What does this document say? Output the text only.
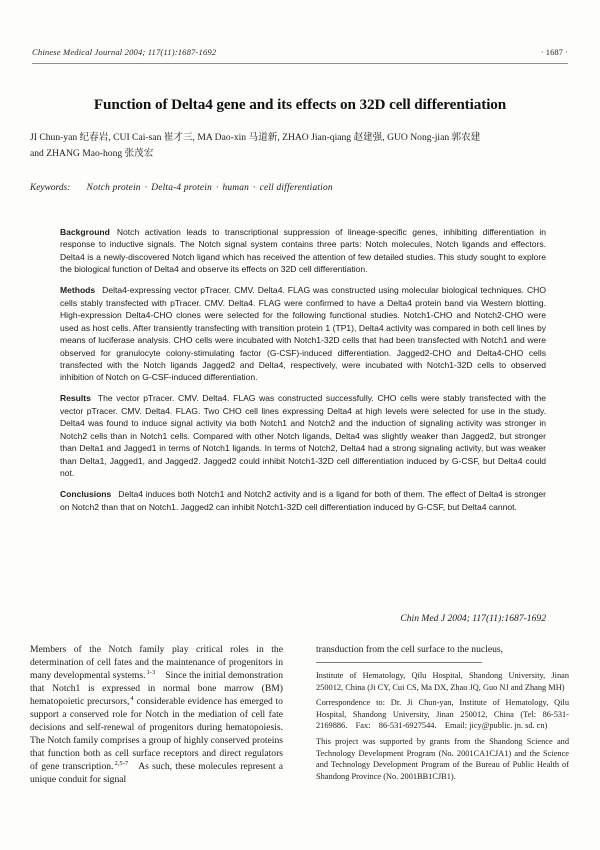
Chinese Medical Journal 2004; 117(11):1687-1692	· 1687 ·
Function of Delta4 gene and its effects on 32D cell differentiation
JI Chun-yan 纪春岩, CUI Cai-san 崔才三, MA Dao-xin 马道新, ZHAO Jian-qiang 赵建强, GUO Nong-jian 郭农建
and ZHANG Mao-hong 张茂宏
Keywords: Notch protein · Delta-4 protein · human · cell differentiation
Background Notch activation leads to transcriptional suppression of lineage-specific genes, inhibiting differentiation in response to inductive signals. The Notch signal system contains three parts: Notch molecules, Notch ligands and effectors. Delta4 is a newly-discovered Notch ligand which has received the attention of few detailed studies. This study sought to explore the biological function of Delta4 and observe its effects on 32D cell differentiation.
Methods Delta4-expressing vector pTracer. CMV. Delta4. FLAG was constructed using molecular biological techniques. CHO cells stably transfected with pTracer. CMV. Delta4. FLAG were confirmed to have a Delta4 protein band via Western blotting. High-expression Delta4-CHO clones were selected for the following functional studies. Notch1-CHO and Notch2-CHO were used as host cells. After transiently transfecting with transition protein 1 (TP1), Delta4 activity was compared in both cell lines by means of luciferase analysis. CHO cells were incubated with Notch1-32D cells that had been transfected with Notch1 and were observed for granulocyte colony-stimulating factor (G-CSF)-induced differentiation. Jagged2-CHO and Delta4-CHO cells transfected with the Notch ligands Jagged2 and Delta4, respectively, were incubated with Notch1-32D cells to observed inhibition of Notch on G-CSF-induced differentiation.
Results The vector pTracer. CMV. Delta4. FLAG was constructed successfully. CHO cells were stably transfected with the vector pTracer. CMV. Delta4. FLAG. Two CHO cell lines expressing Delta4 at high levels were selected for use in the study. Delta4 was found to induce signal activity via both Notch1 and Notch2 and the induction of signaling activity was stronger in Notch2 cells than in Notch1 cells. Compared with other Notch ligands, Delta4 was slightly weaker than Jagged2, but stronger than Delta1 and Jagged1 in terms of Notch1 ligands. In terms of Notch2, Delta4 had a strong signaling activity, but was weaker than Delta1, Jagged1, and Jagged2. Jagged2 could inhibit Notch1-32D cell differentiation induced by G-CSF, but Delta4 could not.
Conclusions Delta4 induces both Notch1 and Notch2 activity and is a ligand for both of them. The effect of Delta4 is stronger on Notch2 than that on Notch1. Jagged2 can inhibit Notch1-32D cell differentiation induced by G-CSF, but Delta4 cannot.
Chin Med J 2004; 117(11):1687-1692
Members of the Notch family play critical roles in the determination of cell fates and the maintenance of progenitors in many developmental systems.$^{1-3}$ Since the initial demonstration that Notch1 is expressed in normal bone marrow (BM) hematopoietic precursors,$^4$ considerable evidence has emerged to support a conserved role for Notch in the mediation of cell fate decisions and self-renewal of progenitors during hematopoiesis. The Notch family comprises a group of highly conserved proteins that function both as cell surface receptors and direct regulators of gene transcription.$^{2,5-7}$ As such, these molecules represent a unique conduit for signal
transduction from the cell surface to the nucleus,

Institute of Hematology, Qilu Hospital, Shandong University, Jinan 250012, China (Ji CY, Cui CS, Ma DX, Zhao JQ, Guo NJ and Zhang MH)

Correspondence to: Dr. Ji Chun-yan, Institute of Hematology, Qilu Hospital, Shandong University, Jinan 250012, China (Tel: 86-531-2169886.　Fax:　86-531-6927544.　Email: jicy@public. jn. sd. cn)

This project was supported by grants from the Shandong Science and Technology Development Program (No. 2001CA1CJA1) and the Science and Technology Development Program of the Bureau of Public Health of Shandong Province (No. 2001BB1CJB1).
